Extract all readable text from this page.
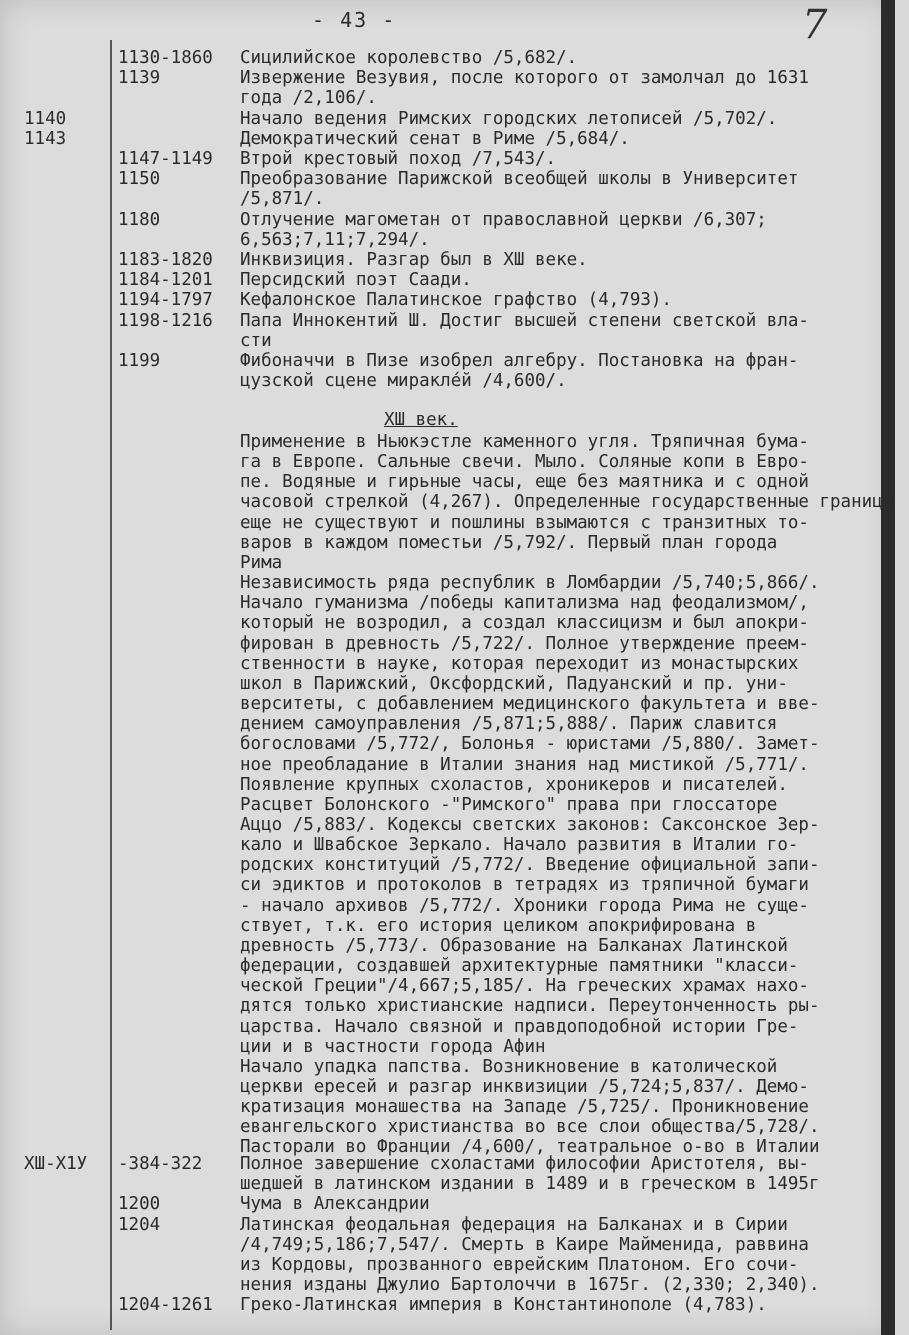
- 43 -	7
1130-1860	Сицилийское королевство /5,682/.
1139	Извержение Везувия, после которого от замолчал до 1631
года /2,106/.
1140	Начало ведения Римских городских летописей /5,702/.
1143	Демократический сенат в Риме /5,684/.
1147-1149	Втрой крестовый поход /7,543/.
1150	Преобразование Парижской всеобщей школы в Университет
/5,871/.
1180	Отлучение магометан от православной церкви /6,307;
6,563;7,11;7,294/.
1183-1820	Инквизиция. Разгар был в XШ веке.
1184-1201	Персидский поэт Саади.
1194-1797	Кефалонское Палатинское графство (4,793).
1198-1216	Папа Иннокентий Ш. Достиг высшей степени светской вла-
сти
1199	Фибоначчи в Пизе изобрел алгебру. Постановка на фран-
цузской сцене миракле́й /4,600/.
XШ век.
Применение в Ньюкэстле каменного угля. Тряпичная бума-
га в Европе. Сальные свечи. Мыло. Соляные копи в Евро-
пе. Водяные и гирьные часы, еще без маятника и с одной
часовой стрелкой (4,267). Определенные государственные границы
еще не существуют и пошлины взымаются с транзитных то-
варов в каждом поместьи /5,792/. Первый план города
Рима
Независимость ряда республик в Ломбардии /5,740;5,866/.
Начало гуманизма /победы капитализма над феодализмом/,
который не возродил, а создал классицизм и был апокри-
фирован в древность /5,722/. Полное утверждение преем-
ственности в науке, которая переходит из монастырских
школ в Парижский, Оксфордский, Падуанский и пр. уни-
верситеты, с добавлением медицинского факультета и вве-
дением самоуправления /5,871;5,888/. Париж славится
богословами /5,772/, Болонья - юристами /5,880/. Замет-
ное преобладание в Италии знания над мистикой /5,771/.
Появление крупных схоластов, хроникеров и писателей.
Расцвет Болонского -"Римского" права при глоссаторе
Аццо /5,883/. Кодексы светских законов: Саксонское Зер-
кало и Швабское Зеркало. Начало развития в Италии го-
родских конституций /5,772/. Введение официальной запи-
си эдиктов и протоколов в тетрадях из тряпичной бумаги
- начало архивов /5,772/. Хроники города Рима не суще-
ствует, т.к. его история целиком апокрифирована в
древность /5,773/. Образование на Балканах Латинской
федерации, создавшей архитектурные памятники "класси-
ческой Греции"/4,667;5,185/. На греческих храмах нахо-
дятся только христианские надписи. Переутонченность ры-
царства. Начало связной и правдоподобной истории Гре-
ции и в частности города Афин
Начало упадка папства. Возникновение в католической
церкви ересей и разгар инквизиции /5,724;5,837/. Демо-
кратизация монашества на Западе /5,725/. Проникновение
евангельского христианства во все слои общества/5,728/.
Пасторали во Франции /4,600/, театральное о-во в Италии
XШ-X1У	-384-322	Полное завершение схоластами философии Аристотеля, вы-
шедшей в латинском издании в 1489 и в греческом в 1495г
1200	Чума в Александрии
1204	Латинская феодальная федерация на Балканах и в Сирии
/4,749;5,186;7,547/. Смерть в Каире Майменида, раввина
из Кордовы, прозванного еврейским Платоном. Его сочи-
нения изданы Джулио Бартолоччи в 1675г. (2,330; 2,340).
1204-1261	Греко-Латинская империя в Константинополе (4,783).
